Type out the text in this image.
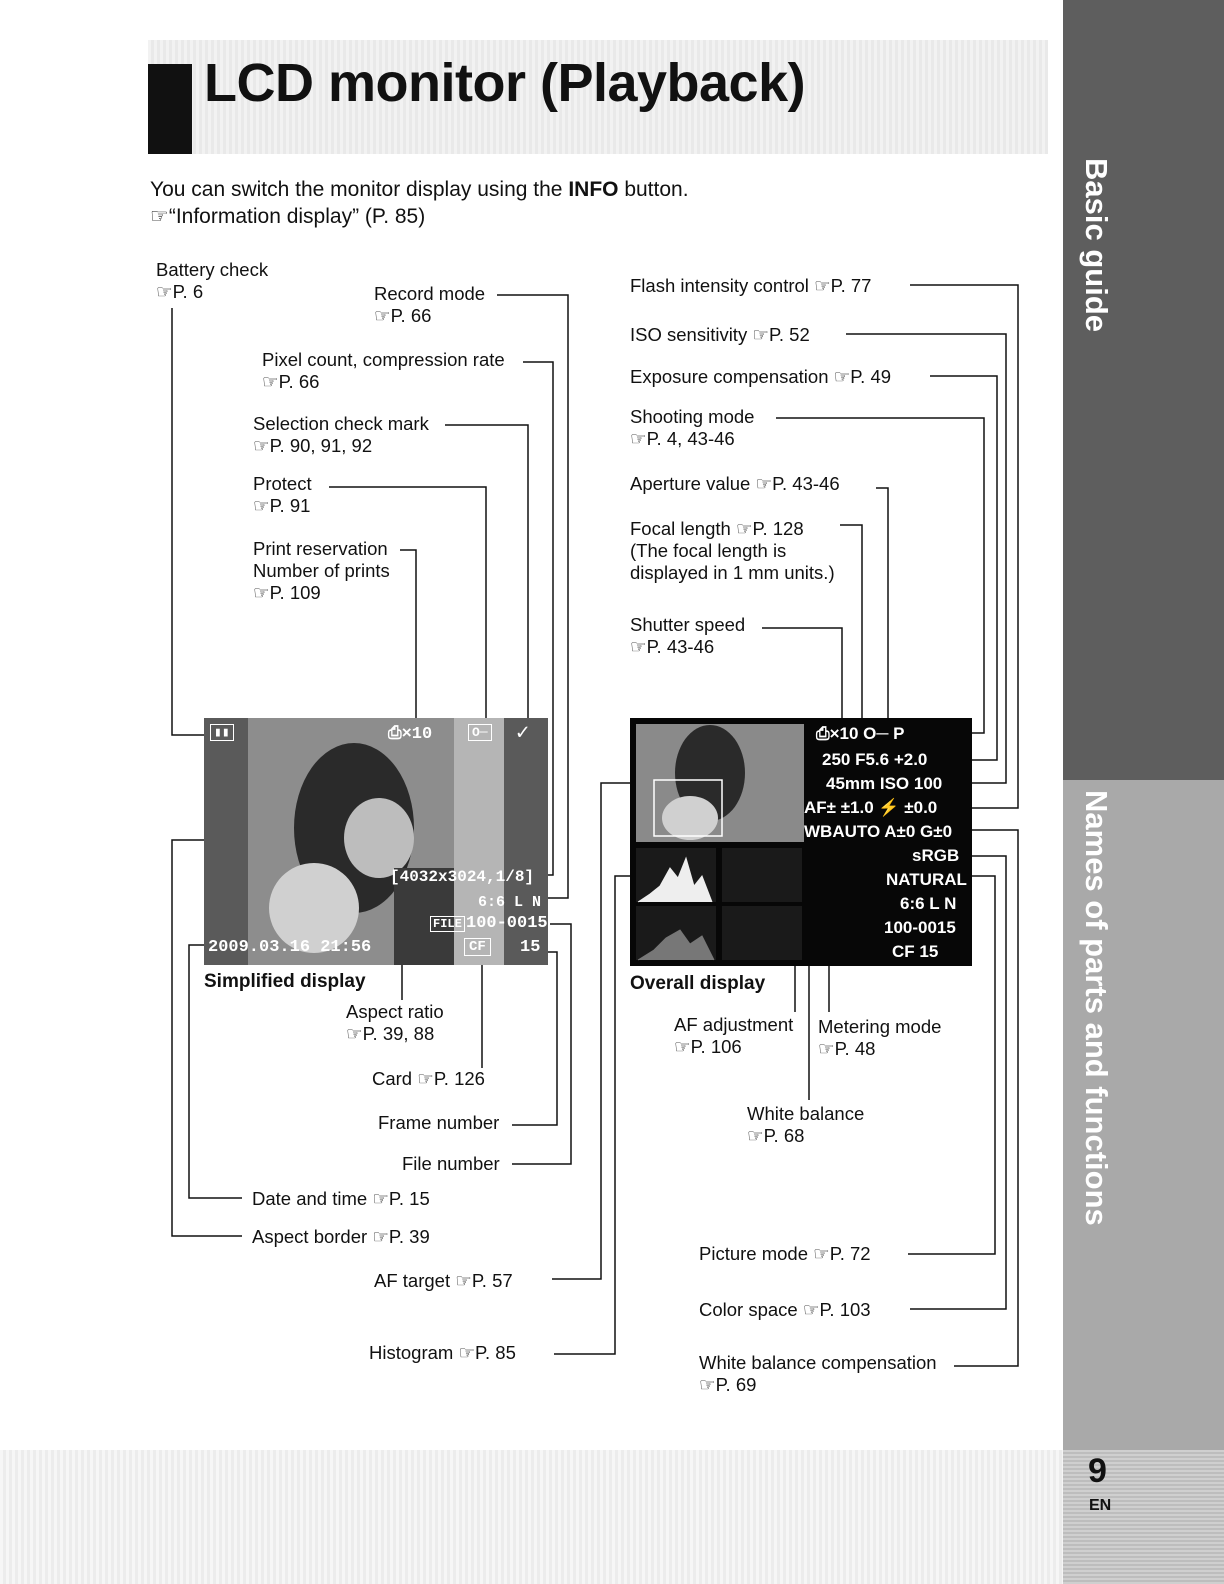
LCD monitor (Playback)
Basic guide
Names of parts and functions
9
EN
You can switch the monitor display using the INFO button.
☞“Information display” (P. 85)
▮▮	⎙×10	O─ ✓
[4032x3024,1/8]
6:6 L N
FILE 100-0015
2009.03.16 21:56	CF 15
Simplified display
⎙×10 O─ P
250 F5.6 +2.0
45mm ISO 100
AF± ±1.0 ⚡ ±0.0
WBAUTO A±0 G±0
sRGB
NATURAL
6:6 L N
100-0015
CF 15
Overall display
Battery check
☞P. 6	Record mode
☞P. 66
Pixel count, compression rate
☞P. 66
Selection check mark
☞P. 90, 91, 92
Protect
☞P. 91
Print reservation
Number of prints
☞P. 109
Aspect ratio
☞P. 39, 88
Card ☞P. 126
Frame number
File number
Date and time ☞P. 15
Aspect border ☞P. 39
AF target ☞P. 57
Histogram ☞P. 85
Flash intensity control ☞P. 77
ISO sensitivity ☞P. 52
Exposure compensation ☞P. 49
Shooting mode
☞P. 4, 43-46
Aperture value ☞P. 43-46
Focal length ☞P. 128
(The focal length is
displayed in 1 mm units.)
Shutter speed
☞P. 43-46
AF adjustment
☞P. 106
Metering mode
☞P. 48
White balance
☞P. 68
Picture mode ☞P. 72
Color space ☞P. 103
White balance compensation
☞P. 69
